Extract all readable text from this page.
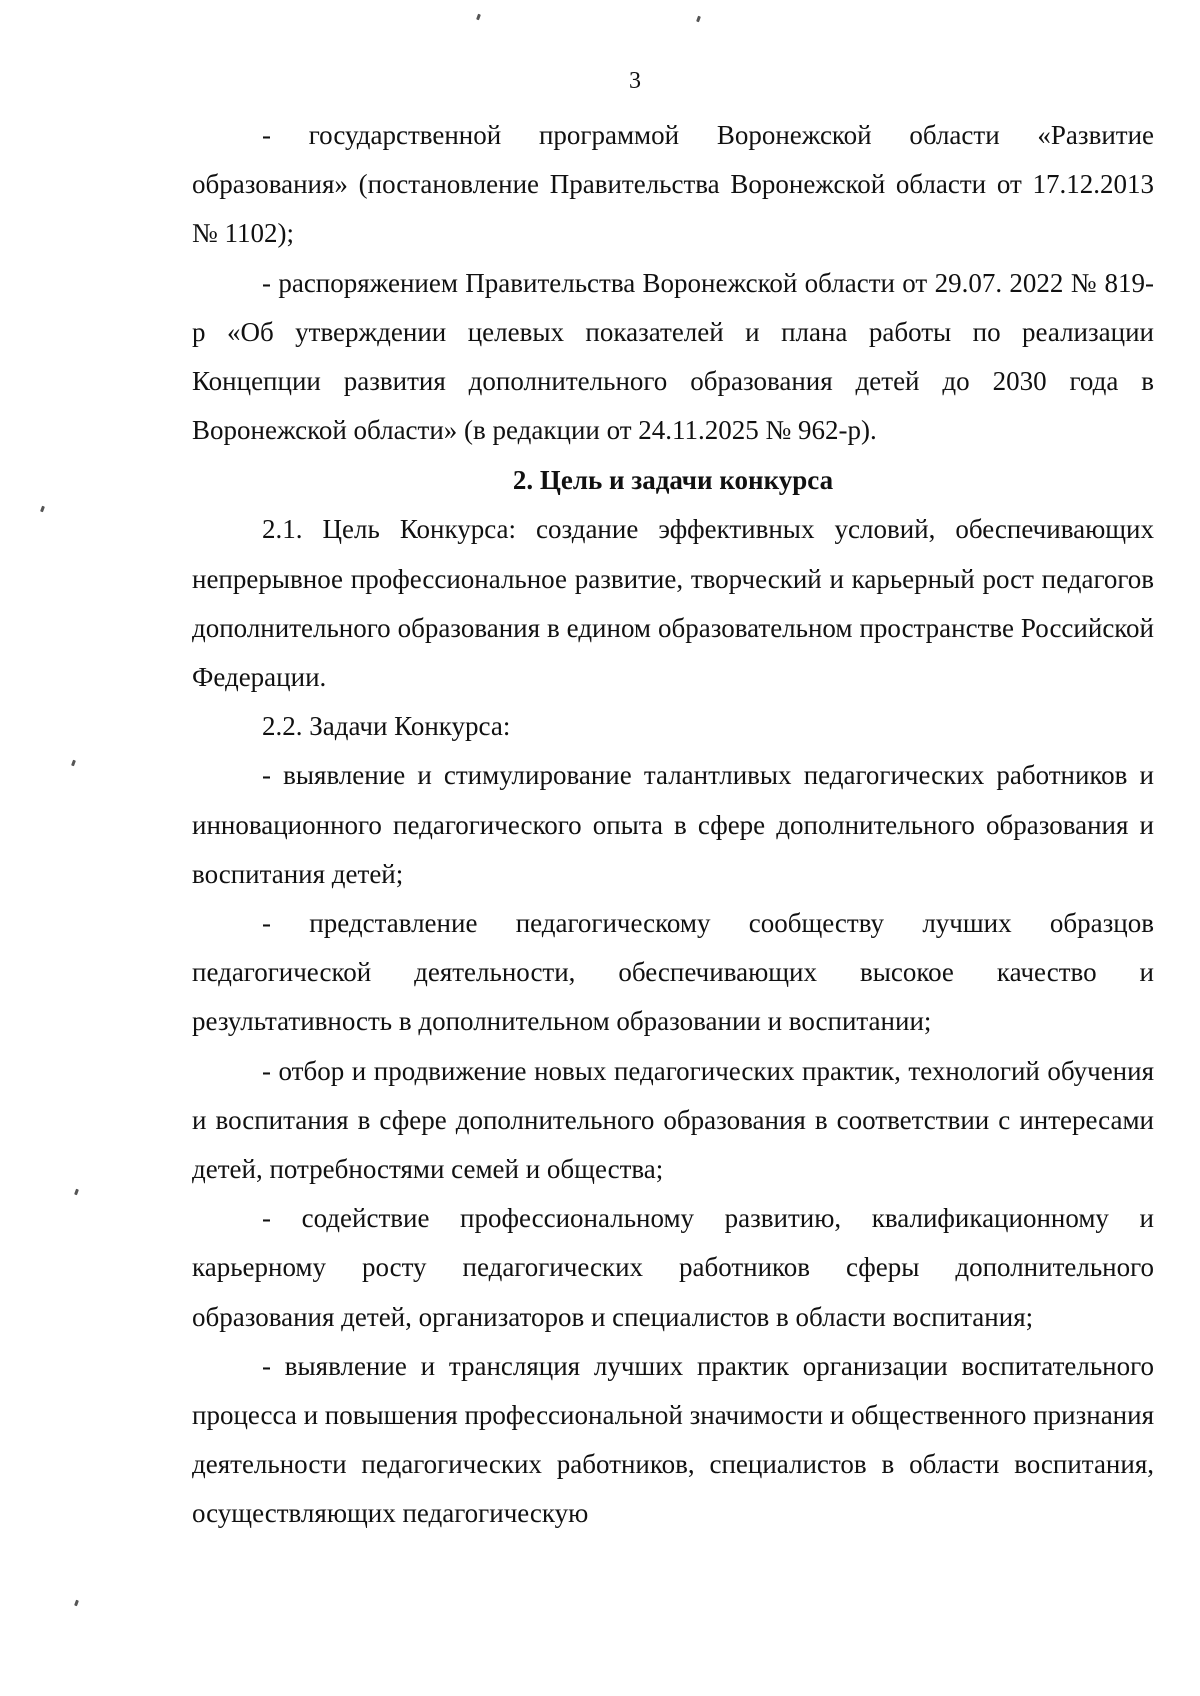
3

- государственной программой Воронежской области «Развитие образования» (постановление Правительства Воронежской области от 17.12.2013 № 1102);

- распоряжением Правительства Воронежской области от 29.07. 2022 № 819-р «Об утверждении целевых показателей и плана работы по реализации Концепции развития дополнительного образования детей до 2030 года в Воронежской области» (в редакции от 24.11.2025 № 962-р).

2. Цель и задачи конкурса

2.1. Цель Конкурса: создание эффективных условий, обеспечивающих непрерывное профессиональное развитие, творческий и карьерный рост педагогов дополнительного образования в едином образовательном пространстве Российской Федерации.

2.2. Задачи Конкурса:

- выявление и стимулирование талантливых педагогических работников и инновационного педагогического опыта в сфере дополнительного образования и воспитания детей;

- представление педагогическому сообществу лучших образцов педагогической деятельности, обеспечивающих высокое качество и результативность в дополнительном образовании и воспитании;

- отбор и продвижение новых педагогических практик, технологий обучения и воспитания в сфере дополнительного образования в соответствии с интересами детей, потребностями семей и общества;

- содействие профессиональному развитию, квалификационному и карьерному росту педагогических работников сферы дополнительного образования детей, организаторов и специалистов в области воспитания;

- выявление и трансляция лучших практик организации воспитательного процесса и повышения профессиональной значимости и общественного признания деятельности педагогических работников, специалистов в области воспитания, осуществляющих педагогическую
